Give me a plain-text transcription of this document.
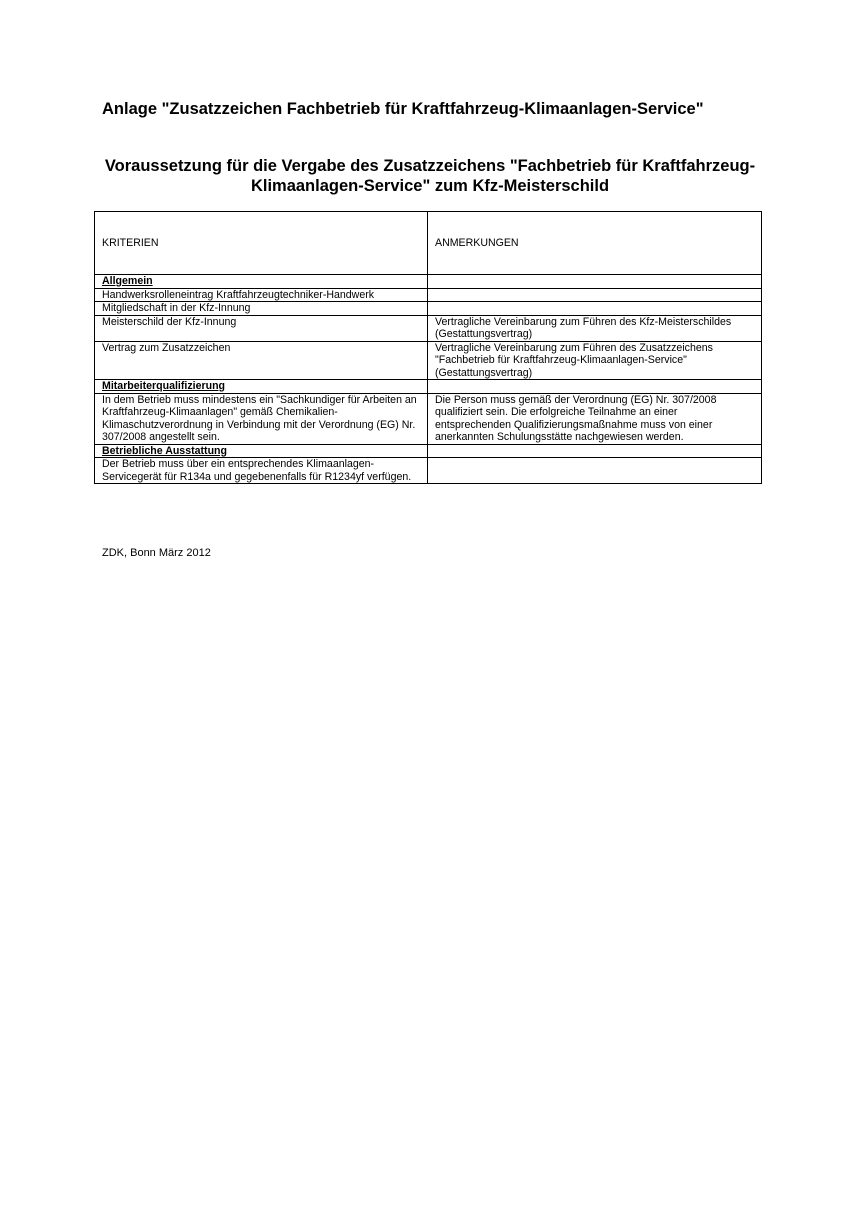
Anlage "Zusatzzeichen Fachbetrieb für Kraftfahrzeug-Klimaanlagen-Service"
Voraussetzung für die Vergabe des Zusatzzeichens "Fachbetrieb für Kraftfahrzeug-Klimaanlagen-Service" zum Kfz-Meisterschild
KRITERIEN	ANMERKUNGEN
Allgemein	
Handwerksrolleneintrag Kraftfahrzeugtechniker-Handwerk	
Mitgliedschaft in der Kfz-Innung	
Meisterschild der Kfz-Innung	Vertragliche Vereinbarung zum Führen des Kfz-Meisterschildes (Gestattungsvertrag)
Vertrag zum Zusatzzeichen	Vertragliche Vereinbarung zum Führen des Zusatzzeichens "Fachbetrieb für Kraftfahrzeug-Klimaanlagen-Service" (Gestattungsvertrag)
Mitarbeiterqualifizierung	
In dem Betrieb muss mindestens ein "Sachkundiger für Arbeiten an Kraftfahrzeug-Klimaanlagen" gemäß Chemikalien-Klimaschutzverordnung in Verbindung mit der Verordnung (EG) Nr. 307/2008 angestellt sein.	Die Person muss gemäß der Verordnung (EG) Nr. 307/2008 qualifiziert sein. Die erfolgreiche Teilnahme an einer entsprechenden Qualifizierungsmaßnahme muss von einer anerkannten Schulungsstätte nachgewiesen werden.
Betriebliche Ausstattung	
Der Betrieb muss über ein entsprechendes Klimaanlagen-Servicegerät für R134a und gegebenenfalls für R1234yf verfügen.	
ZDK, Bonn März 2012
